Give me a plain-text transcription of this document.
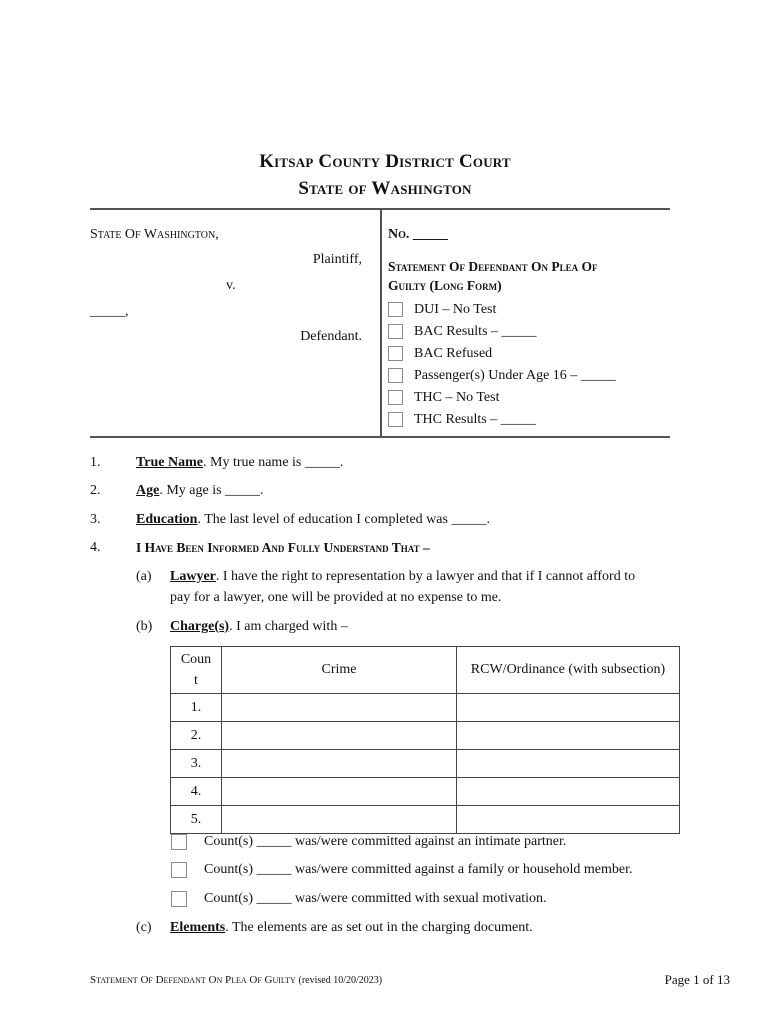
Kitsap County District Court
State of Washington
State Of Washington,
Plaintiff,
v.
_____,
Defendant.
No. _____
Statement Of Defendant On Plea Of
Guilty (Long Form)
DUI – No Test
BAC Results – _____
BAC Refused
Passenger(s) Under Age 16 – _____
THC – No Test
THC Results – _____
1.	True Name. My true name is _____.
2.	Age. My age is _____.
3.	Education. The last level of education I completed was _____.
4.	I Have Been Informed And Fully Understand That –
(a) Lawyer. I have the right to representation by a lawyer and that if I cannot afford to
pay for a lawyer, one will be provided at no expense to me.
(b) Charge(s). I am charged with –
Coun
t	Crime	RCW/Ordinance (with subsection)
1.		
2.		
3.		
4.		
5.		
Count(s) _____ was/were committed against an intimate partner.
Count(s) _____ was/were committed against a family or household member.
Count(s) _____ was/were committed with sexual motivation.
(c) Elements. The elements are as set out in the charging document.
Statement Of Defendant On Plea Of Guilty (revised 10/20/2023)	Page 1 of 13
